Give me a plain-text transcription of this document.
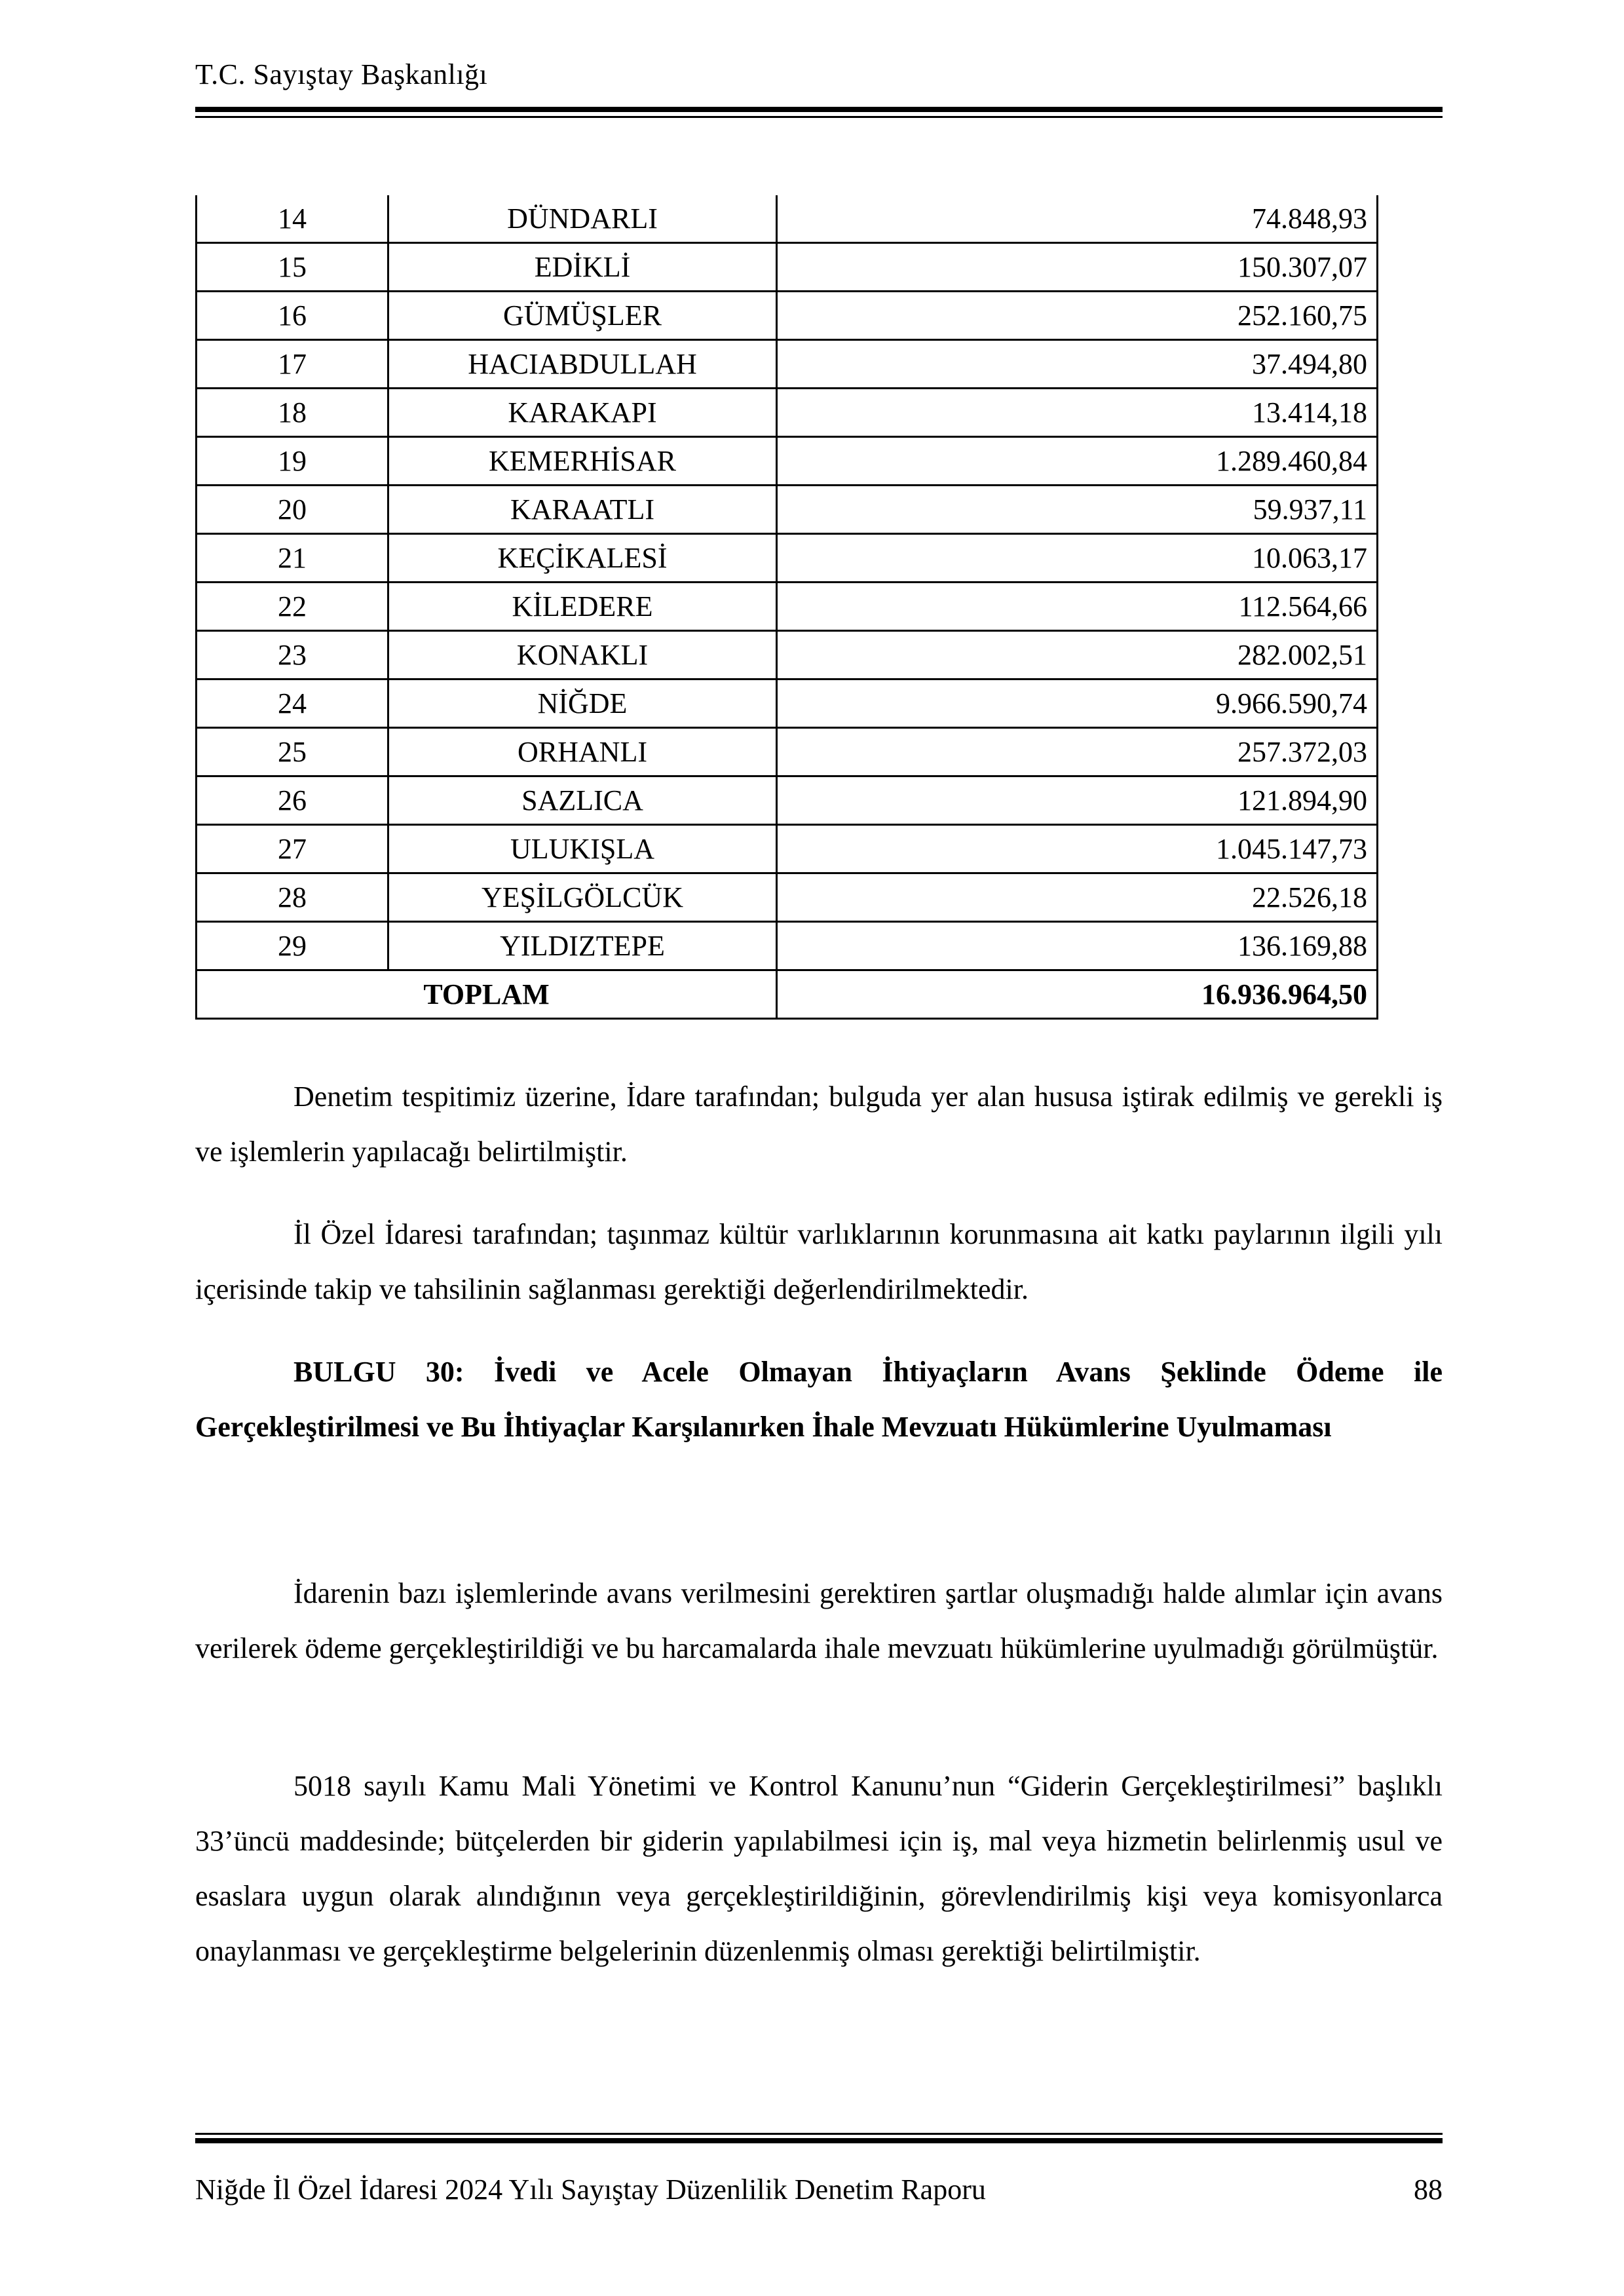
T.C. Sayıştay Başkanlığı
14	DÜNDARLI	74.848,93
15	EDİKLİ	150.307,07
16	GÜMÜŞLER	252.160,75
17	HACIABDULLAH	37.494,80
18	KARAKAPI	13.414,18
19	KEMERHİSAR	1.289.460,84
20	KARAATLI	59.937,11
21	KEÇİKALESİ	10.063,17
22	KİLEDERE	112.564,66
23	KONAKLI	282.002,51
24	NİĞDE	9.966.590,74
25	ORHANLI	257.372,03
26	SAZLICA	121.894,90
27	ULUKIŞLA	1.045.147,73
28	YEŞİLGÖLCÜK	22.526,18
29	YILDIZTEPE	136.169,88
TOPLAM		16.936.964,50

Denetim tespitimiz üzerine, İdare tarafından; bulguda yer alan hususa iştirak edilmiş ve gerekli iş ve işlemlerin yapılacağı belirtilmiştir.

İl Özel İdaresi tarafından; taşınmaz kültür varlıklarının korunmasına ait katkı paylarının ilgili yılı içerisinde takip ve tahsilinin sağlanması gerektiği değerlendirilmektedir.

BULGU 30: İvedi ve Acele Olmayan İhtiyaçların Avans Şeklinde Ödeme ile Gerçekleştirilmesi ve Bu İhtiyaçlar Karşılanırken İhale Mevzuatı Hükümlerine Uyulmaması

İdarenin bazı işlemlerinde avans verilmesini gerektiren şartlar oluşmadığı halde alımlar için avans verilerek ödeme gerçekleştirildiği ve bu harcamalarda ihale mevzuatı hükümlerine uyulmadığı görülmüştür.

5018 sayılı Kamu Mali Yönetimi ve Kontrol Kanunu’nun “Giderin Gerçekleştirilmesi” başlıklı 33’üncü maddesinde; bütçelerden bir giderin yapılabilmesi için iş, mal veya hizmetin belirlenmiş usul ve esaslara uygun olarak alındığının veya gerçekleştirildiğinin, görevlendirilmiş kişi veya komisyonlarca onaylanması ve gerçekleştirme belgelerinin düzenlenmiş olması gerektiği belirtilmiştir.

Niğde İl Özel İdaresi 2024 Yılı Sayıştay Düzenlilik Denetim Raporu	88
